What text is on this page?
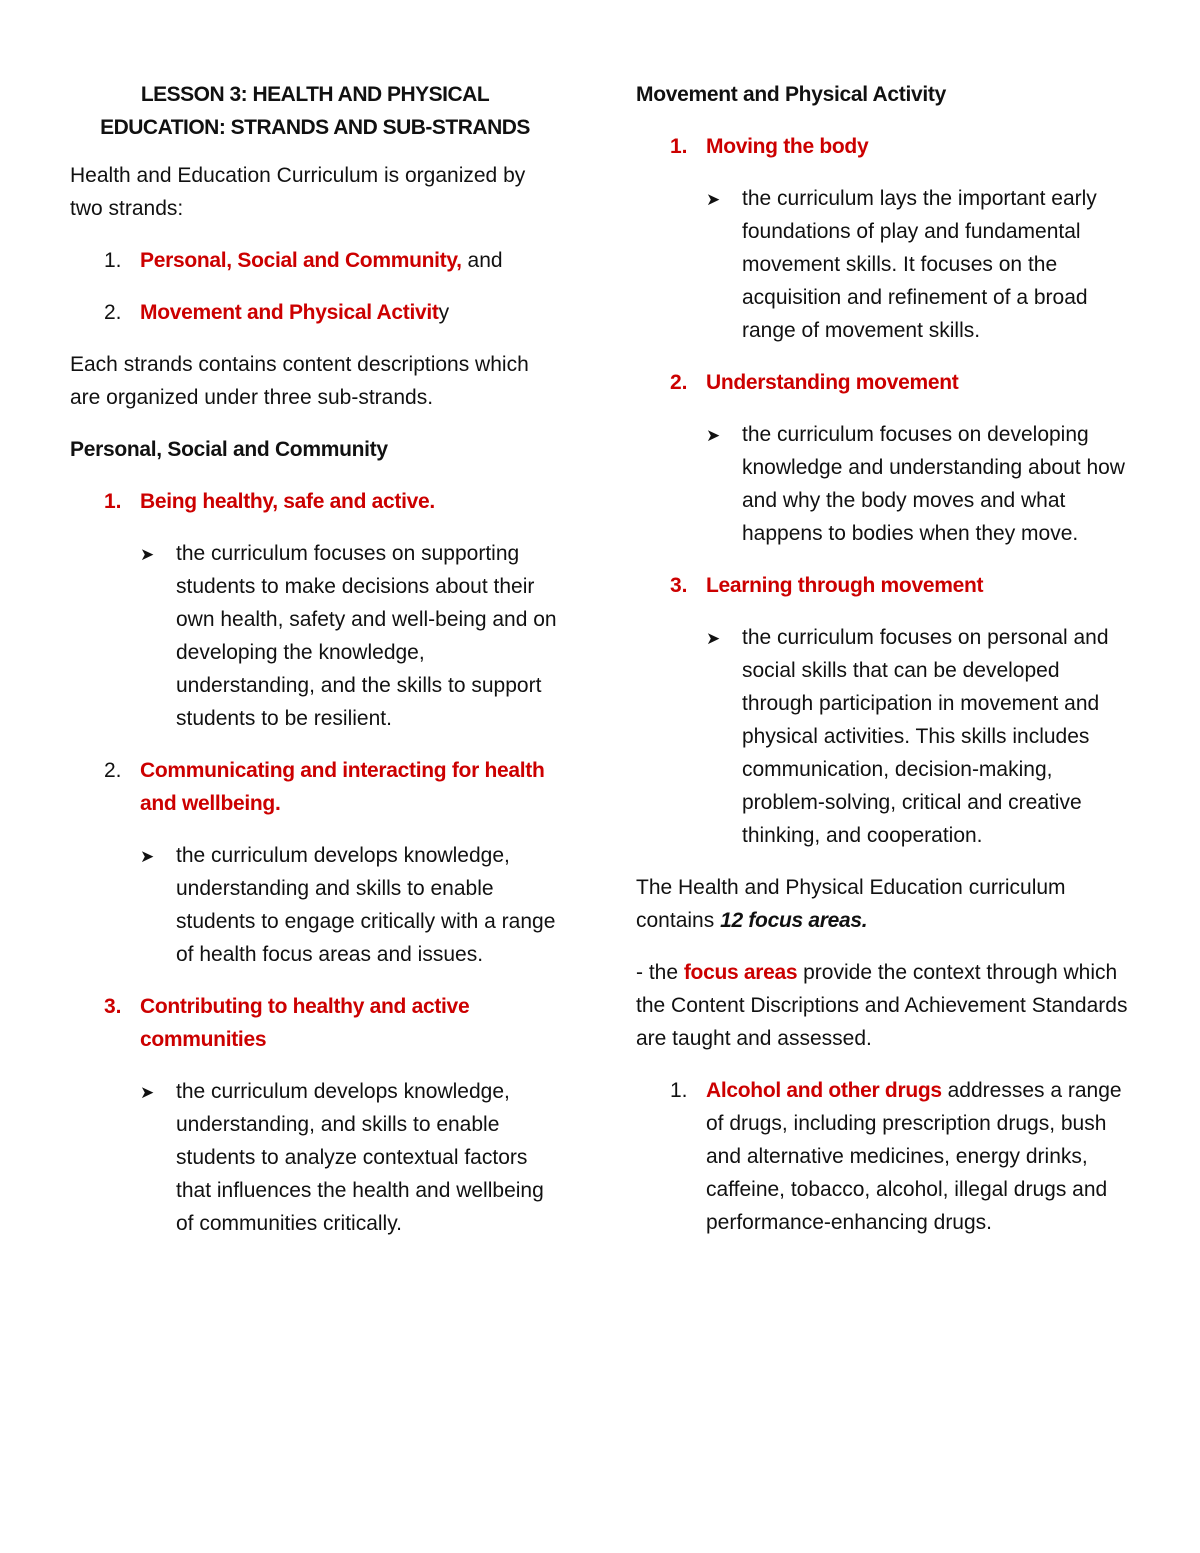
LESSON 3: HEALTH AND PHYSICAL
EDUCATION: STRANDS AND SUB-STRANDS

Health and Education Curriculum is organized by two strands:

1. Personal, Social and Community, and
2. Movement and Physical Activity

Each strands contains content descriptions which are organized under three sub-strands.

Personal, Social and Community
1. Being healthy, safe and active.
➤	the curriculum focuses on supporting students to make decisions about their own health, safety and well-being and on developing the knowledge, understanding, and the skills to support students to be resilient.
2. Communicating and interacting for health and wellbeing.
➤	the curriculum develops knowledge, understanding and skills to enable students to engage critically with a range of health focus areas and issues.
3. Contributing to healthy and active communities
➤	the curriculum develops knowledge, understanding, and skills to enable students to analyze contextual factors that influences the health and wellbeing of communities critically.
Movement and Physical Activity
1. Moving the body
➤	the curriculum lays the important early foundations of play and fundamental movement skills. It focuses on the acquisition and refinement of a broad range of movement skills.
2. Understanding movement
➤	the curriculum focuses on developing knowledge and understanding about how and why the body moves and what happens to bodies when they move.
3. Learning through movement
➤	the curriculum focuses on personal and social skills that can be developed through participation in movement and physical activities. This skills includes communication, decision-making, problem-solving, critical and creative thinking, and cooperation.

The Health and Physical Education curriculum contains 12 focus areas.

- the focus areas provide the context through which the Content Discriptions and Achievement Standards are taught and assessed.

1. Alcohol and other drugs addresses a range of drugs, including prescription drugs, bush and alternative medicines, energy drinks, caffeine, tobacco, alcohol, illegal drugs and performance-enhancing drugs.
